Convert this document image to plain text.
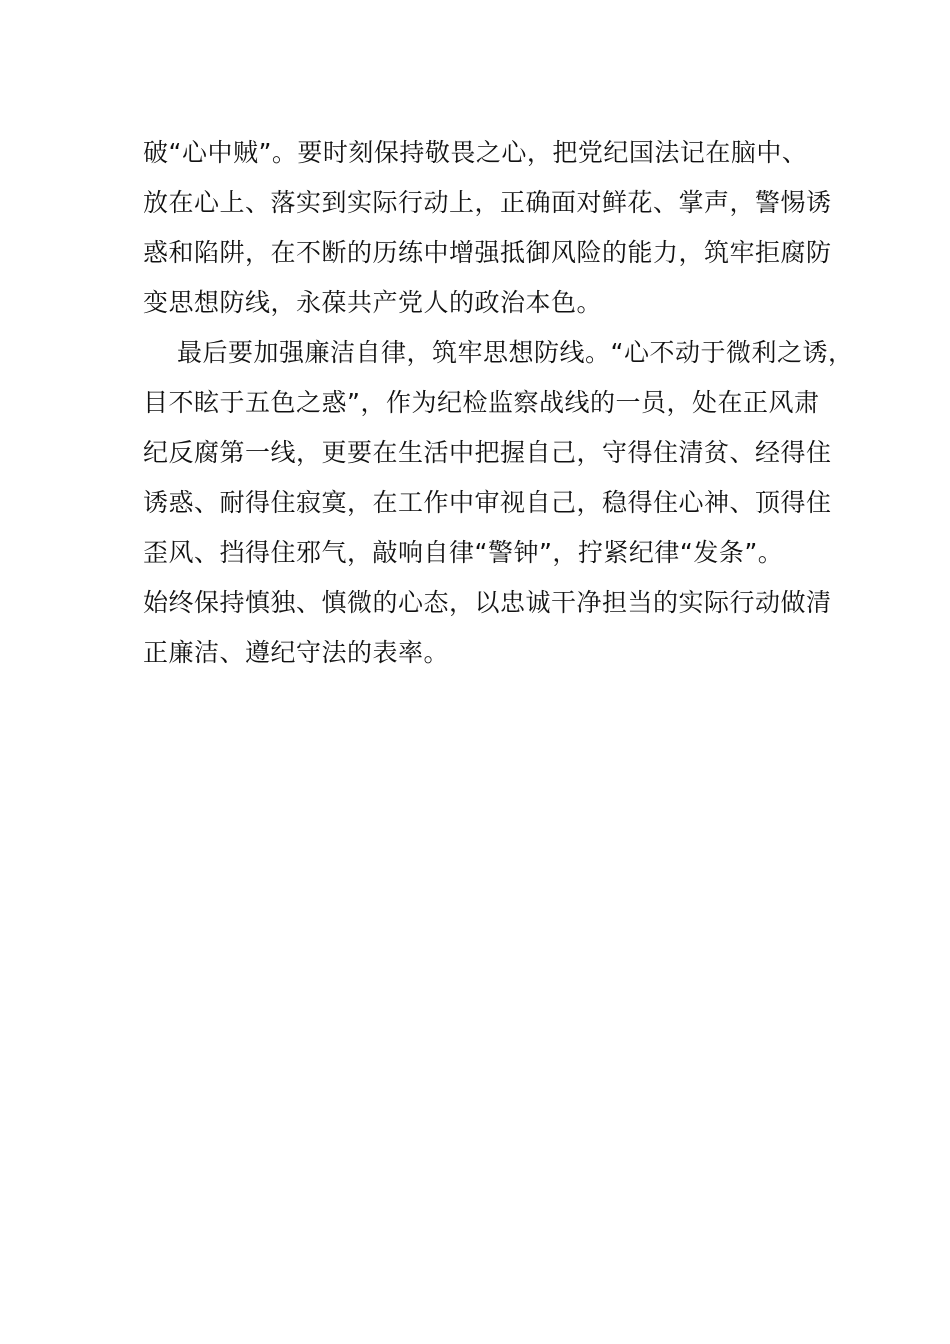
破“心中贼”。要时刻保持敬畏之心，把党纪国法记在脑中、
放在心上、落实到实际行动上，正确面对鲜花、掌声，警惕诱
惑和陷阱，在不断的历练中增强抵御风险的能力，筑牢拒腐防
变思想防线，永葆共产党人的政治本色。
最后要加强廉洁自律，筑牢思想防线。“心不动于微利之诱，
目不眩于五色之惑”，作为纪检监察战线的一员，处在正风肃
纪反腐第一线，更要在生活中把握自己，守得住清贫、经得住
诱惑、耐得住寂寞，在工作中审视自己，稳得住心神、顶得住
歪风、挡得住邪气，敲响自律“警钟”，拧紧纪律“发条”。
始终保持慎独、慎微的心态，以忠诚干净担当的实际行动做清
正廉洁、遵纪守法的表率。
